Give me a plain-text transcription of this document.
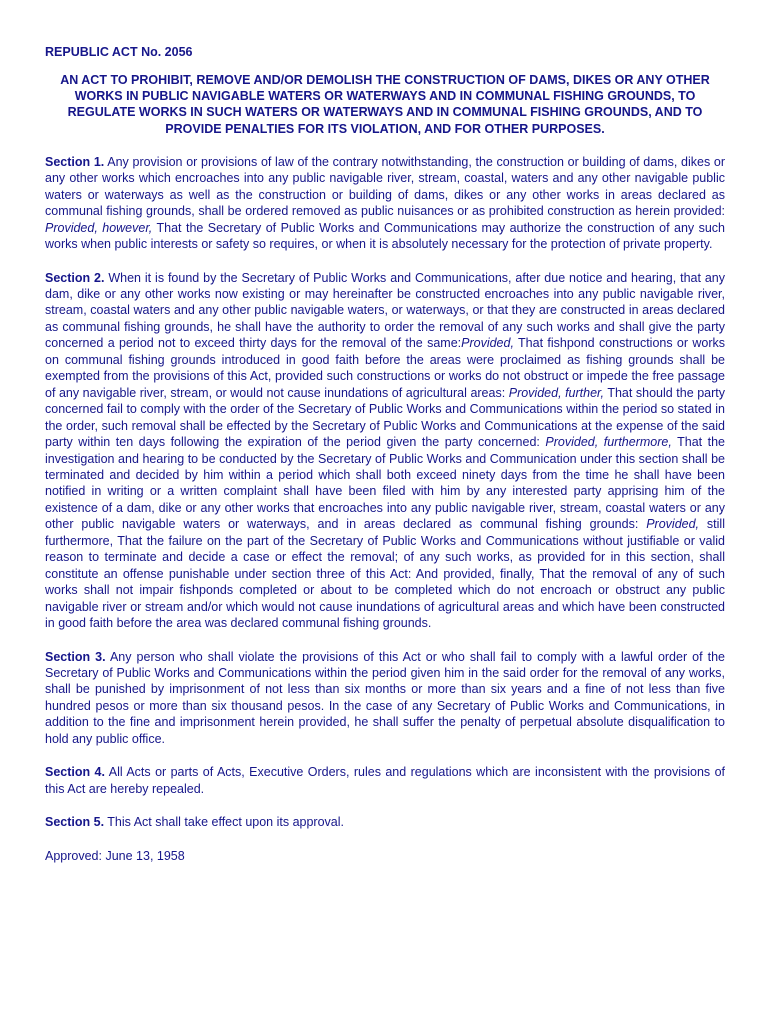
REPUBLIC ACT No. 2056
AN ACT TO PROHIBIT, REMOVE AND/OR DEMOLISH THE CONSTRUCTION OF DAMS, DIKES OR ANY OTHER WORKS IN PUBLIC NAVIGABLE WATERS OR WATERWAYS AND IN COMMUNAL FISHING GROUNDS, TO REGULATE WORKS IN SUCH WATERS OR WATERWAYS AND IN COMMUNAL FISHING GROUNDS, AND TO PROVIDE PENALTIES FOR ITS VIOLATION, AND FOR OTHER PURPOSES.
Section 1. Any provision or provisions of law of the contrary notwithstanding, the construction or building of dams, dikes or any other works which encroaches into any public navigable river, stream, coastal, waters and any other navigable public waters or waterways as well as the construction or building of dams, dikes or any other works in areas declared as communal fishing grounds, shall be ordered removed as public nuisances or as prohibited construction as herein provided: Provided, however, That the Secretary of Public Works and Communications may authorize the construction of any such works when public interests or safety so requires, or when it is absolutely necessary for the protection of private property.
Section 2. When it is found by the Secretary of Public Works and Communications, after due notice and hearing, that any dam, dike or any other works now existing or may hereinafter be constructed encroaches into any public navigable river, stream, coastal waters and any other public navigable waters, or waterways, or that they are constructed in areas declared as communal fishing grounds, he shall have the authority to order the removal of any such works and shall give the party concerned a period not to exceed thirty days for the removal of the same:Provided, That fishpond constructions or works on communal fishing grounds introduced in good faith before the areas were proclaimed as fishing grounds shall be exempted from the provisions of this Act, provided such constructions or works do not obstruct or impede the free passage of any navigable river, stream, or would not cause inundations of agricultural areas: Provided, further, That should the party concerned fail to comply with the order of the Secretary of Public Works and Communications within the period so stated in the order, such removal shall be effected by the Secretary of Public Works and Communications at the expense of the said party within ten days following the expiration of the period given the party concerned: Provided, furthermore, That the investigation and hearing to be conducted by the Secretary of Public Works and Communication under this section shall be terminated and decided by him within a period which shall both exceed ninety days from the time he shall have been notified in writing or a written complaint shall have been filed with him by any interested party apprising him of the existence of a dam, dike or any other works that encroaches into any public navigable river, stream, coastal waters or any other public navigable waters or waterways, and in areas declared as communal fishing grounds: Provided, still furthermore, That the failure on the part of the Secretary of Public Works and Communications without justifiable or valid reason to terminate and decide a case or effect the removal; of any such works, as provided for in this section, shall constitute an offense punishable under section three of this Act: And provided, finally, That the removal of any of such works shall not impair fishponds completed or about to be completed which do not encroach or obstruct any public navigable river or stream and/or which would not cause inundations of agricultural areas and which have been constructed in good faith before the area was declared communal fishing grounds.
Section 3. Any person who shall violate the provisions of this Act or who shall fail to comply with a lawful order of the Secretary of Public Works and Communications within the period given him in the said order for the removal of any works, shall be punished by imprisonment of not less than six months or more than six years and a fine of not less than five hundred pesos or more than six thousand pesos. In the case of any Secretary of Public Works and Communications, in addition to the fine and imprisonment herein provided, he shall suffer the penalty of perpetual absolute disqualification to hold any public office.
Section 4. All Acts or parts of Acts, Executive Orders, rules and regulations which are inconsistent with the provisions of this Act are hereby repealed.
Section 5. This Act shall take effect upon its approval.
Approved: June 13, 1958
